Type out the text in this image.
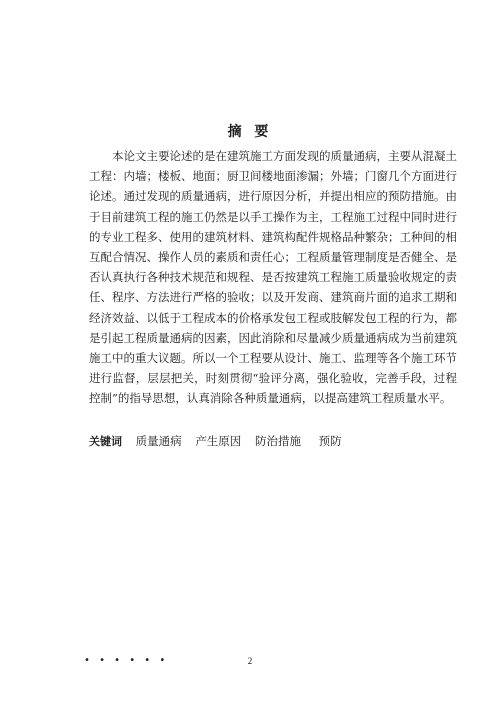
摘 要

本论文主要论述的是在建筑施工方面发现的质量通病，主要从混凝土工程：内墙；楼板、地面；厨卫间楼地面渗漏；外墙；门窗几个方面进行论述。通过发现的质量通病，进行原因分析，并提出相应的预防措施。由于目前建筑工程的施工仍然是以手工操作为主，工程施工过程中同时进行的专业工程多、使用的建筑材料、建筑构配件规格品种繁杂；工种间的相互配合情况、操作人员的素质和责任心；工程质量管理制度是否健全、是否认真执行各种技术规范和规程、是否按建筑工程施工质量验收规定的责任、程序、方法进行严格的验收；以及开发商、建筑商片面的追求工期和经济效益、以低于工程成本的价格承发包工程或肢解发包工程的行为，都是引起工程质量通病的因素，因此消除和尽量减少质量通病成为当前建筑施工中的重大议题。所以一个工程要从设计、施工、监理等各个施工环节进行监督，层层把关，时刻贯彻“验评分离，强化验收，完善手段，过程控制”的指导思想，认真消除各种质量通病，以提高建筑工程质量水平。

关键词 质量通病 产生原因 防治措施 预防
• • • • • •	2
